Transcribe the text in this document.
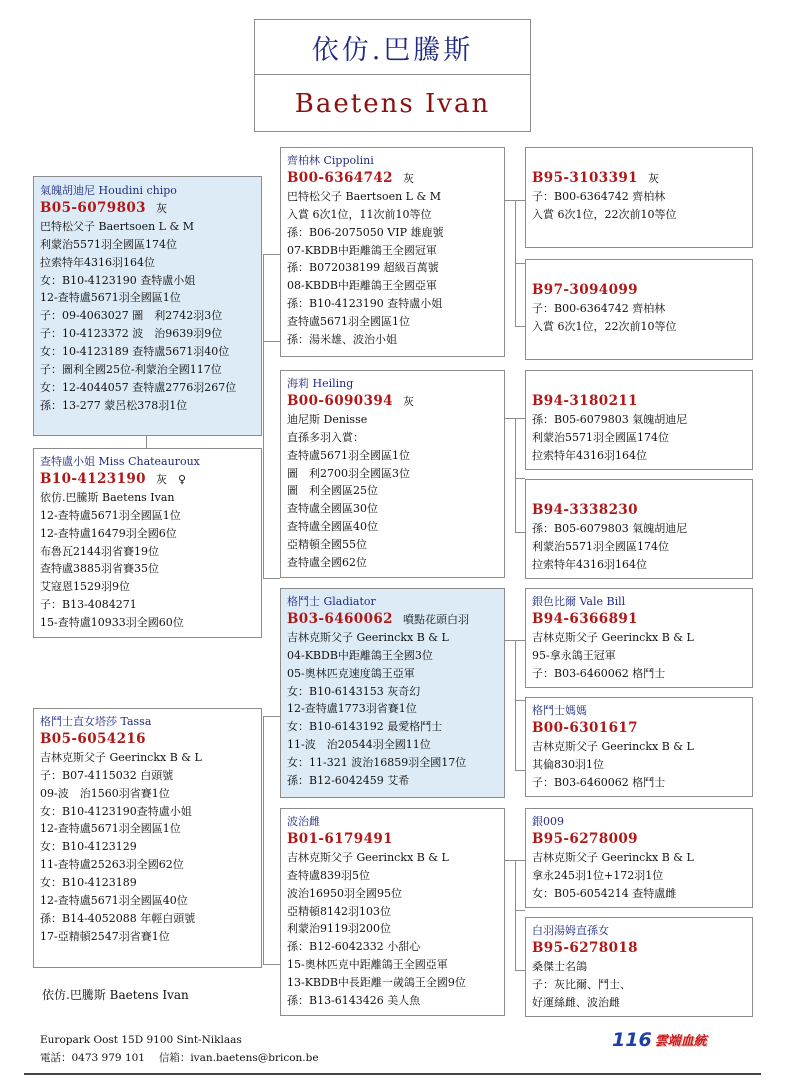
依仿.巴騰斯
Baetens Ivan
氣魄胡迪尼 Houdini chipo
B05-6079803 灰
巴特松父子 Baertsoen L & M
利蒙治5571羽全國區174位
拉索特年4316羽164位
女：B10-4123190 查特盧小姐
12-查特盧5671羽全國區1位
子：09-4063027 圖　利2742羽3位
子：10-4123372 波　治9639羽9位
女：10-4123189 查特盧5671羽40位
子：圖利全國25位-利蒙治全國117位
女：12-4044057 查特盧2776羽267位
孫：13-277 蒙呂松378羽1位
查特盧小姐 Miss Chateauroux
B10-4123190 灰　♀
依仿.巴騰斯 Baetens Ivan
12-查特盧5671羽全國區1位
12-查特盧16479羽全國6位
布魯瓦2144羽省賽19位
查特盧3885羽省賽35位
艾寇恩1529羽9位
子：B13-4084271
15-查特盧10933羽全國60位
格鬥士直女塔莎 Tassa
B05-6054216
吉林克斯父子 Geerinckx B & L
子：B07-4115032 白頭號
09-波　治1560羽省賽1位
女：B10-4123190查特盧小姐
12-查特盧5671羽全國區1位
女：B10-4123129
11-查特盧25263羽全國62位
女：B10-4123189
12-查特盧5671羽全國區40位
孫：B14-4052088 年輕白頭號
17-亞精頓2547羽省賽1位
齊柏林 Cippolini
B00-6364742 灰
巴特松父子 Baertsoen L & M
入賞 6次1位，11次前10等位
孫：B06-2075050 VIP 雄鹿號
07-KBDB中距離鴿王全國冠軍
孫：B072038199 超級百萬號
08-KBDB中距離鴿王全國亞軍
孫：B10-4123190 查特盧小姐
查特盧5671羽全國區1位
孫：湯米雄、波治小姐
海莉 Heiling
B00-6090394 灰
迪尼斯 Denisse
直孫多羽入賞：
查特盧5671羽全國區1位
圖　利2700羽全國區3位
圖　利全國區25位
查特盧全國區30位
查特盧全國區40位
亞精頓全國55位
查特盧全國62位
格鬥士 Gladiator
B03-6460062 噴點花頭白羽
吉林克斯父子 Geerinckx B & L
04-KBDB中距離鴿王全國3位
05-奧林匹克速度鴿王亞軍
女：B10-6143153 灰奇幻
12-查特盧1773羽省賽1位
女：B10-6143192 最愛格鬥士
11-波　治20544羽全國11位
女：11-321 波治16859羽全國17位
孫：B12-6042459 艾希
波治雌
B01-6179491
吉林克斯父子 Geerinckx B & L
查特盧839羽5位
波治16950羽全國95位
亞精頓8142羽103位
利蒙治9119羽200位
孫：B12-6042332 小甜心
15-奧林匹克中距離鴿王全國亞軍
13-KBDB中長距離一歲鴿王全國9位
孫：B13-6143426 美人魚
B95-3103391 灰
子：B00-6364742 齊柏林
入賞 6次1位，22次前10等位
B97-3094099
子：B00-6364742 齊柏林
入賞 6次1位，22次前10等位
B94-3180211
孫：B05-6079803 氣魄胡迪尼
利蒙治5571羽全國區174位
拉索特年4316羽164位
B94-3338230
孫：B05-6079803 氣魄胡迪尼
利蒙治5571羽全國區174位
拉索特年4316羽164位
銀色比爾 Vale Bill
B94-6366891
吉林克斯父子 Geerinckx B & L
95-拿永鴿王冠軍
子：B03-6460062 格鬥士
格鬥士媽媽
B00-6301617
吉林克斯父子 Geerinckx B & L
其倫830羽1位
子：B03-6460062 格鬥士
銀009
B95-6278009
吉林克斯父子 Geerinckx B & L
拿永245羽1位+172羽1位
女：B05-6054214 查特盧雌
白羽湯姆直孫女
B95-6278018
桑傑士名鴿
子：灰比爾、鬥士、
好運絲雌、波治雌
依仿.巴騰斯 Baetens Ivan
Europark Oost 15D 9100 Sint-Niklaas
電話：0473 979 101　 信箱：ivan.baetens@bricon.be
116 雲端血統
